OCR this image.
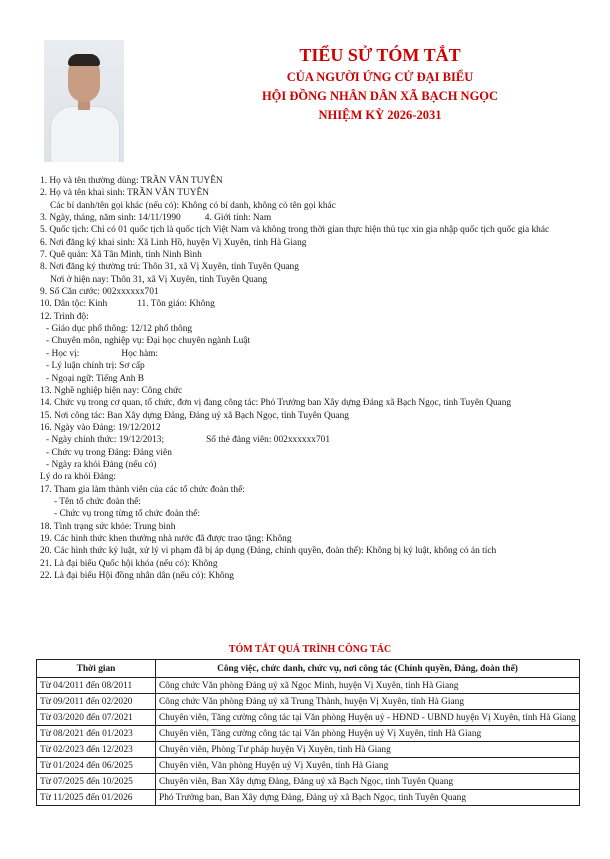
TIỂU SỬ TÓM TẮT
CỦA NGƯỜI ỨNG CỬ ĐẠI BIỂU
HỘI ĐỒNG NHÂN DÂN XÃ BẠCH NGỌC
NHIỆM KỲ 2026-2031
1. Họ và tên thường dùng: TRẦN VĂN TUYÊN
2. Họ và tên khai sinh: TRẦN VĂN TUYÊN
Các bí danh/tên gọi khác (nếu có): Không có bí danh, không có tên gọi khác
3. Ngày, tháng, năm sinh: 14/11/1990	4. Giới tính: Nam
5. Quốc tịch: Chỉ có 01 quốc tịch là quốc tịch Việt Nam và không trong thời gian thực hiện thủ tục xin gia nhập quốc tịch quốc gia khác
6. Nơi đăng ký khai sinh: Xã Linh Hồ, huyện Vị Xuyên, tỉnh Hà Giang
7. Quê quán: Xã Tân Minh, tỉnh Ninh Bình
8. Nơi đăng ký thường trú: Thôn 31, xã Vị Xuyên, tỉnh Tuyên Quang
Nơi ở hiện nay: Thôn 31, xã Vị Xuyên, tỉnh Tuyên Quang
9. Số Căn cước: 002xxxxxx701
10. Dân tộc: Kinh	11. Tôn giáo: Không
12. Trình độ:
- Giáo dục phổ thông: 12/12 phổ thông
- Chuyên môn, nghiệp vụ: Đại học chuyên ngành Luật
- Học vị:	Học hàm:
- Lý luận chính trị: Sơ cấp
- Ngoại ngữ: Tiếng Anh B
13. Nghề nghiệp hiện nay: Công chức
14. Chức vụ trong cơ quan, tổ chức, đơn vị đang công tác: Phó Trưởng ban Xây dựng Đảng xã Bạch Ngọc, tỉnh Tuyên Quang
15. Nơi công tác: Ban Xây dựng Đảng, Đảng uỷ xã Bạch Ngọc, tỉnh Tuyên Quang
16. Ngày vào Đảng: 19/12/2012
- Ngày chính thức: 19/12/2013;	Số thẻ đảng viên: 002xxxxxx701
- Chức vụ trong Đảng: Đảng viên
- Ngày ra khỏi Đảng (nếu có)
Lý do ra khỏi Đảng:
17. Tham gia làm thành viên của các tổ chức đoàn thể:
- Tên tổ chức đoàn thể:
- Chức vụ trong từng tổ chức đoàn thể:
18. Tình trạng sức khỏe: Trung bình
19. Các hình thức khen thưởng nhà nước đã được trao tặng: Không
20. Các hình thức kỷ luật, xử lý vi phạm đã bị áp dụng (Đảng, chính quyền, đoàn thể): Không bị kỷ luật, không có án tích
21. Là đại biểu Quốc hội khóa (nếu có): Không
22. Là đại biểu Hội đồng nhân dân (nếu có): Không
TÓM TẮT QUÁ TRÌNH CÔNG TÁC
Thời gian	Công việc, chức danh, chức vụ, nơi công tác (Chính quyền, Đảng, đoàn thể)
Từ 04/2011 đến 08/2011	Công chức Văn phòng Đảng uỷ xã Ngọc Minh, huyện Vị Xuyên, tỉnh Hà Giang
Từ 09/2011 đến 02/2020	Công chức Văn phòng Đảng uỷ xã Trung Thành, huyện Vị Xuyên, tỉnh Hà Giang
Từ 03/2020 đến 07/2021	Chuyên viên, Tăng cường công tác tại Văn phòng Huyện uỷ - HĐND - UBND huyện Vị Xuyên, tỉnh Hà Giang
Từ 08/2021 đến 01/2023	Chuyên viên, Tăng cường công tác tại Văn phòng Huyện uỷ Vị Xuyên, tỉnh Hà Giang
Từ 02/2023 đến 12/2023	Chuyên viên, Phòng Tư pháp huyện Vị Xuyên, tỉnh Hà Giang
Từ 01/2024 đến 06/2025	Chuyên viên, Văn phòng Huyện uỷ Vị Xuyên, tỉnh Hà Giang
Từ 07/2025 đến 10/2025	Chuyên viên, Ban Xây dựng Đảng, Đảng uỷ xã Bạch Ngọc, tỉnh Tuyên Quang
Từ 11/2025 đến 01/2026	Phó Trưởng ban, Ban Xây dựng Đảng, Đảng uỷ xã Bạch Ngọc, tỉnh Tuyên Quang
